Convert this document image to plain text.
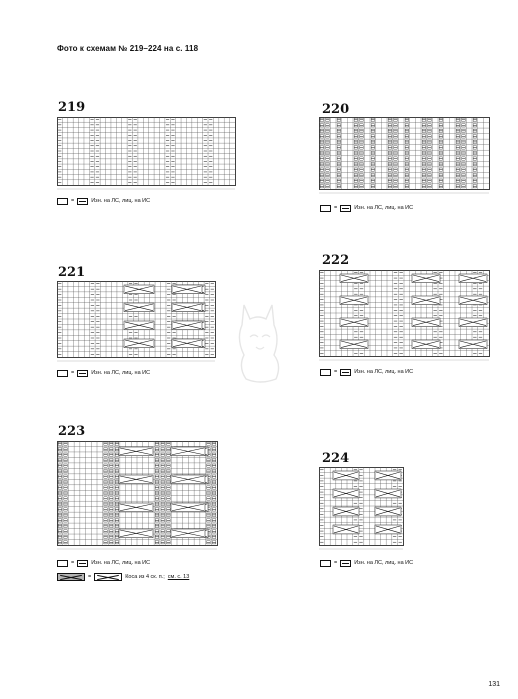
Фото к схемам № 219–224 на с. 118
219
=	Изн. на ЛС, лиц. на ИС
220
=	Изн. на ЛС, лиц. на ИС
221
=	Изн. на ЛС, лиц. на ИС
222
=	Изн. на ЛС, лиц. на ИС
223
=	Изн. на ЛС, лиц. на ИС
=	Коса из 4 ск. п.; см. с. 13
224
=	Изн. на ЛС, лиц. на ИС
131
